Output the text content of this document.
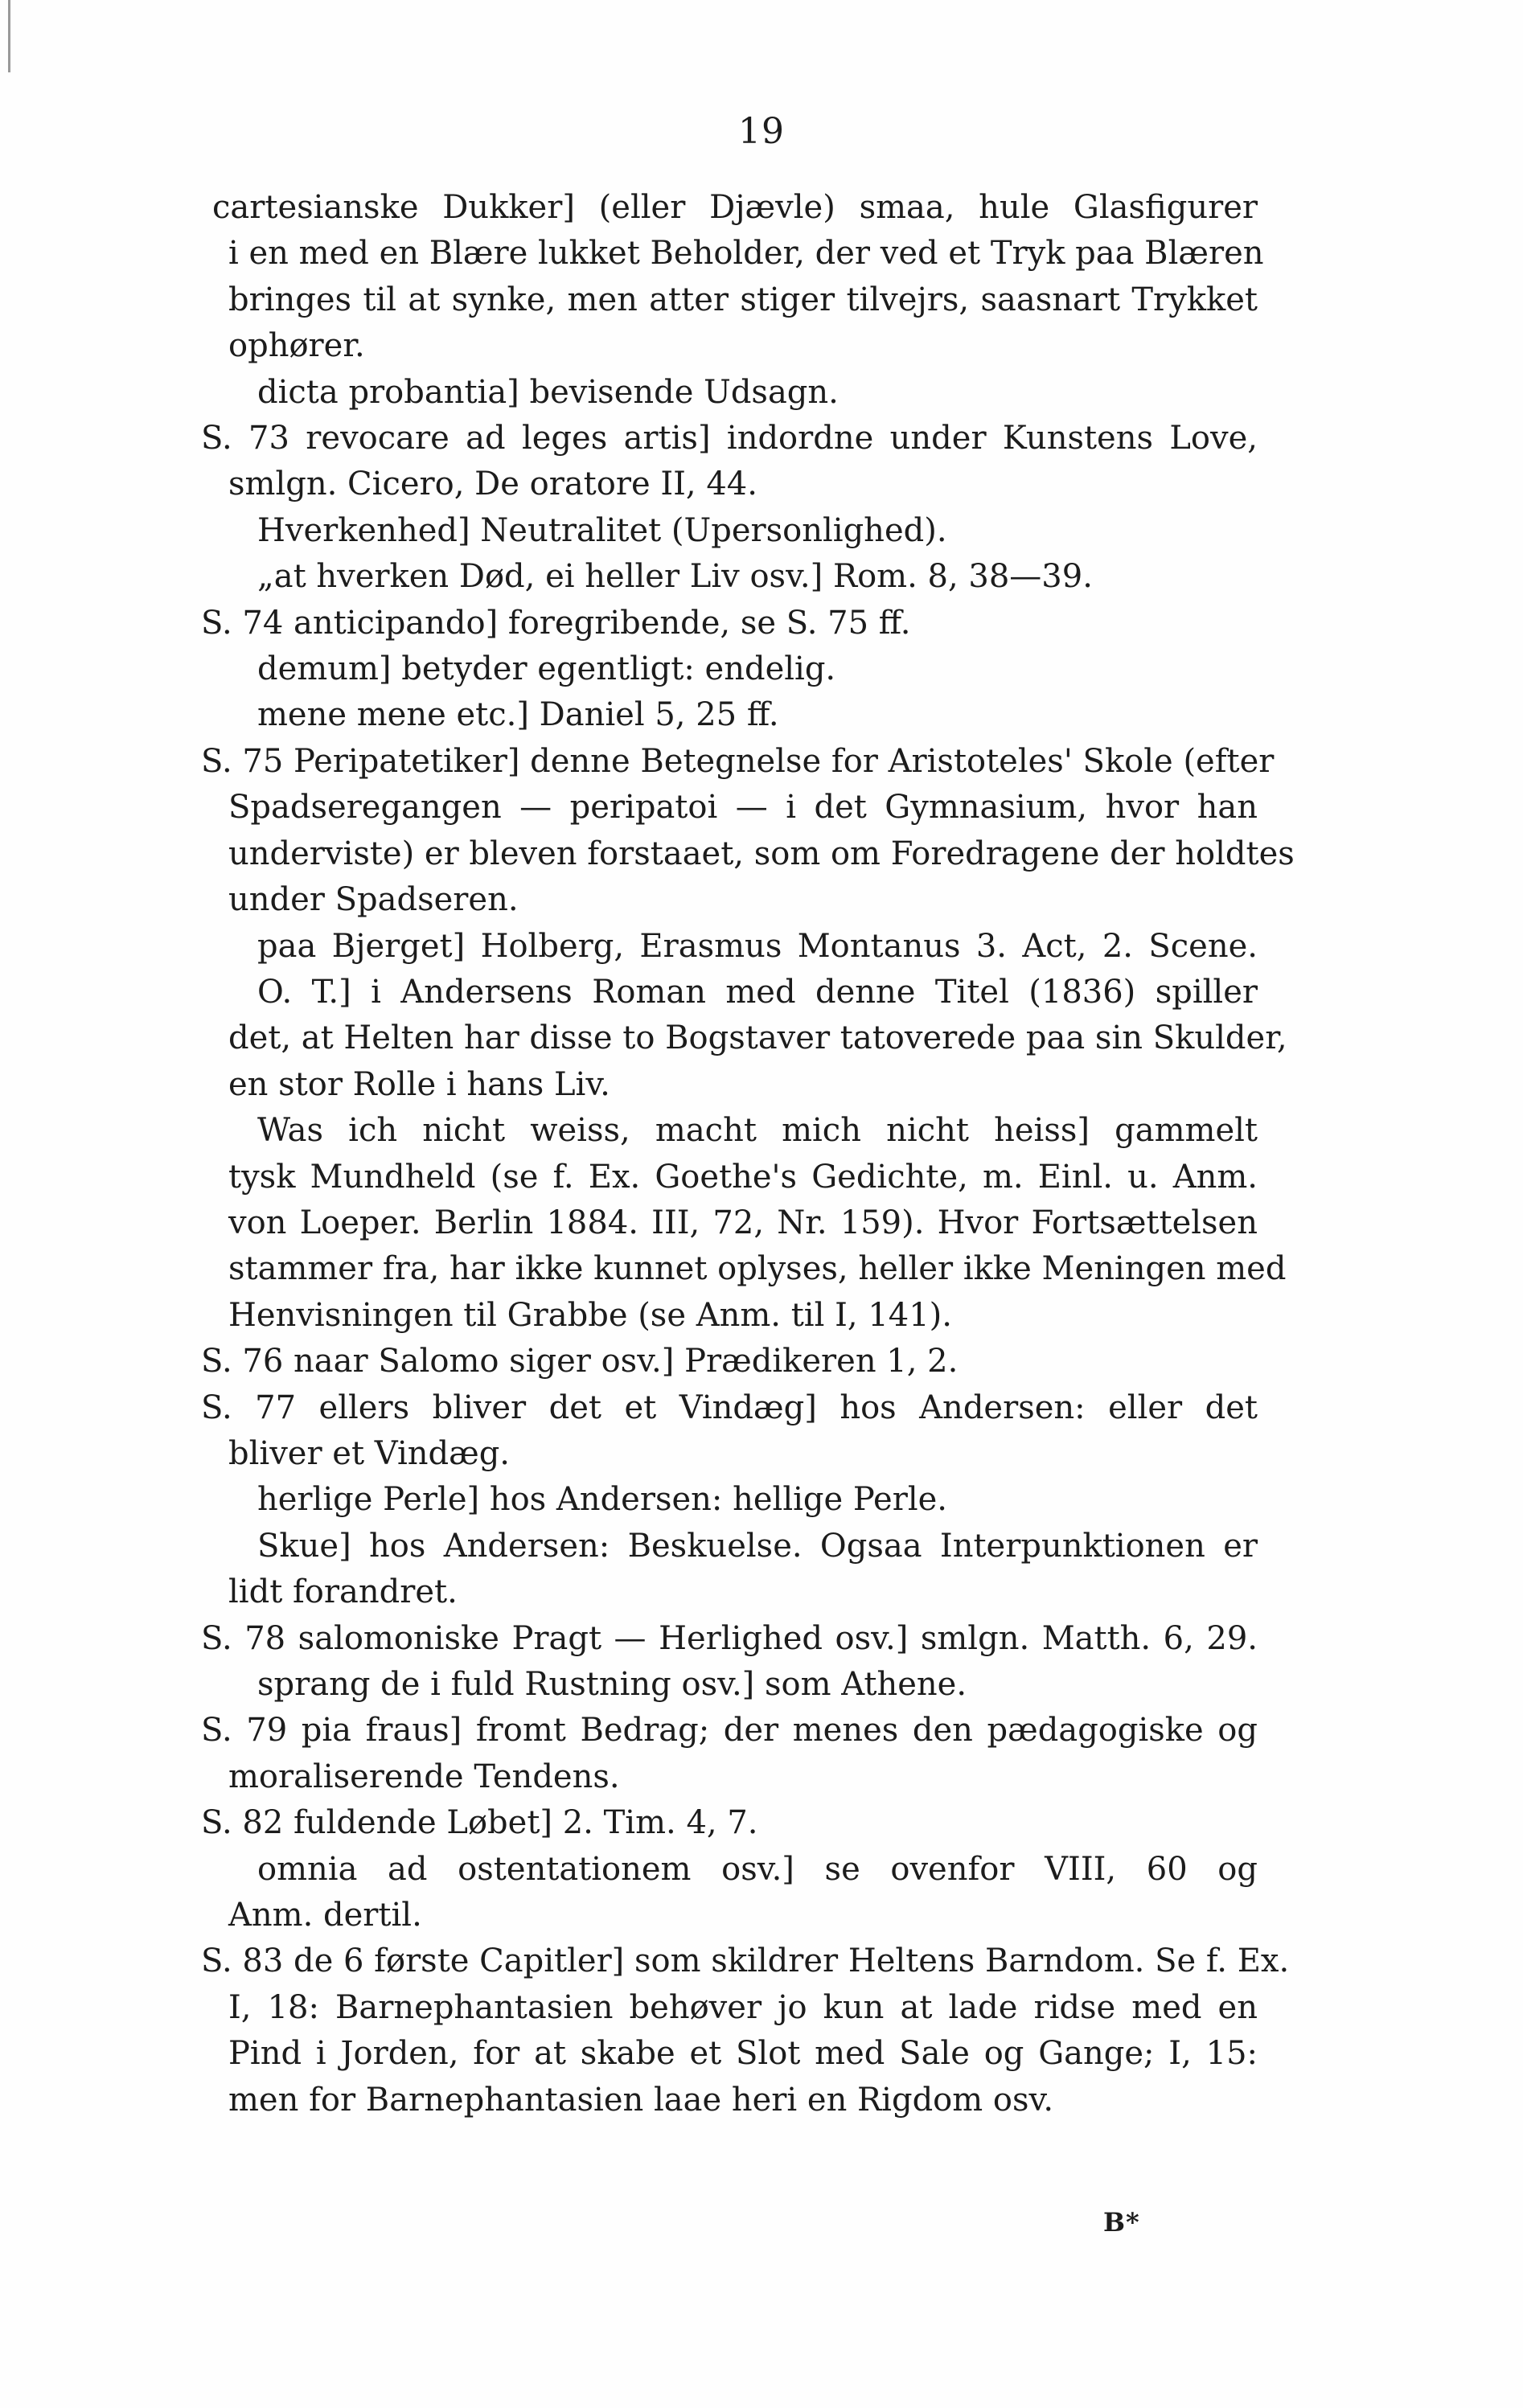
19
cartesianske Dukker] (eller Djævle) smaa, hule Glasfigurer
i en med en Blære lukket Beholder, der ved et Tryk paa Blæren
bringes til at synke, men atter stiger tilvejrs, saasnart Trykket
ophører.
dicta probantia] bevisende Udsagn.
S. 73 revocare ad leges artis] indordne under Kunstens Love,
smlgn. Cicero, De oratore II, 44.
Hverkenhed] Neutralitet (Upersonlighed).
„at hverken Død, ei heller Liv osv.] Rom. 8, 38—39.
S. 74 anticipando] foregribende, se S. 75 ff.
demum] betyder egentligt: endelig.
mene mene etc.] Daniel 5, 25 ff.
S. 75 Peripatetiker] denne Betegnelse for Aristoteles' Skole (efter
Spadseregangen — peripatoi — i det Gymnasium, hvor han
underviste) er bleven forstaaet, som om Foredragene der holdtes
under Spadseren.
paa Bjerget] Holberg, Erasmus Montanus 3. Act, 2. Scene.
O. T.] i Andersens Roman med denne Titel (1836) spiller
det, at Helten har disse to Bogstaver tatoverede paa sin Skulder,
en stor Rolle i hans Liv.
Was ich nicht weiss, macht mich nicht heiss] gammelt
tysk Mundheld (se f. Ex. Goethe's Gedichte, m. Einl. u. Anm.
von Loeper. Berlin 1884. III, 72, Nr. 159). Hvor Fortsættelsen
stammer fra, har ikke kunnet oplyses, heller ikke Meningen med
Henvisningen til Grabbe (se Anm. til I, 141).
S. 76 naar Salomo siger osv.] Prædikeren 1, 2.
S. 77 ellers bliver det et Vindæg] hos Andersen: eller det
bliver et Vindæg.
herlige Perle] hos Andersen: hellige Perle.
Skue] hos Andersen: Beskuelse. Ogsaa Interpunktionen er
lidt forandret.
S. 78 salomoniske Pragt — Herlighed osv.] smlgn. Matth. 6, 29.
sprang de i fuld Rustning osv.] som Athene.
S. 79 pia fraus] fromt Bedrag; der menes den pædagogiske og
moraliserende Tendens.
S. 82 fuldende Løbet] 2. Tim. 4, 7.
omnia ad ostentationem osv.] se ovenfor VIII, 60 og
Anm. dertil.
S. 83 de 6 første Capitler] som skildrer Heltens Barndom. Se f. Ex.
I, 18: Barnephantasien behøver jo kun at lade ridse med en
Pind i Jorden, for at skabe et Slot med Sale og Gange; I, 15:
men for Barnephantasien laae heri en Rigdom osv.
B*
